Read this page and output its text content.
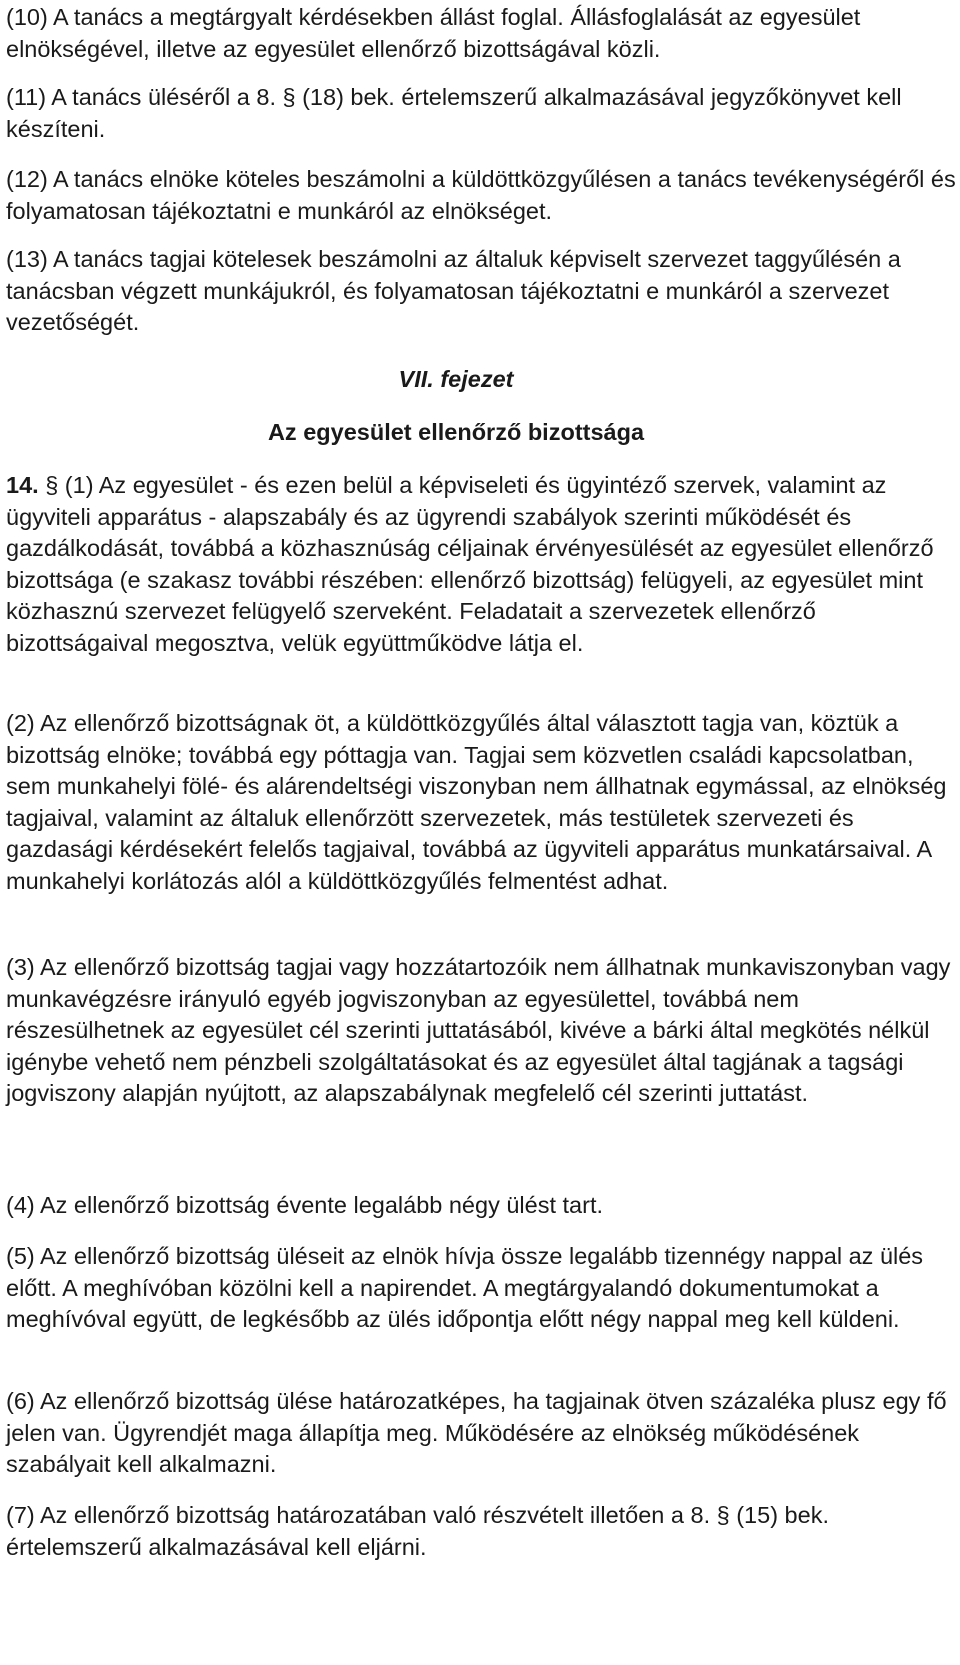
(10) A tanács a megtárgyalt kérdésekben állást foglal. Állásfoglalását az egyesület elnökségével, illetve az egyesület ellenőrző bizottságával közli.

(11) A tanács üléséről a 8. § (18) bek. értelemszerű alkalmazásával jegyzőkönyvet kell készíteni.

(12) A tanács elnöke köteles beszámolni a küldöttközgyűlésen a tanács tevékenységéről és folyamatosan tájékoztatni e munkáról az elnökséget.

(13) A tanács tagjai kötelesek beszámolni az általuk képviselt szervezet taggyűlésén a tanácsban végzett munkájukról, és folyamatosan tájékoztatni e munkáról a szervezet vezetőségét.

VII. fejezet

Az egyesület ellenőrző bizottsága

14. § (1) Az egyesület - és ezen belül a képviseleti és ügyintéző szervek, valamint az ügyviteli apparátus - alapszabály és az ügyrendi szabályok szerinti működését és gazdálkodását, továbbá a közhasznúság céljainak érvényesülését az egyesület ellenőrző bizottsága (e szakasz további részében: ellenőrző bizottság) felügyeli, az egyesület mint közhasznú szervezet felügyelő szerveként. Feladatait a szervezetek ellenőrző bizottságaival megosztva, velük együttműködve látja el.

(2) Az ellenőrző bizottságnak öt, a küldöttközgyűlés által választott tagja van, köztük a bizottság elnöke; továbbá egy póttagja van. Tagjai sem közvetlen családi kapcsolatban, sem munkahelyi fölé- és alárendeltségi viszonyban nem állhatnak egymással, az elnökség tagjaival, valamint az általuk ellenőrzött szervezetek, más testületek szervezeti és gazdasági kérdésekért felelős tagjaival, továbbá az ügyviteli apparátus munkatársaival. A munkahelyi korlátozás alól a küldöttközgyűlés felmentést adhat.

(3) Az ellenőrző bizottság tagjai vagy hozzátartozóik nem állhatnak munkaviszonyban vagy munkavégzésre irányuló egyéb jogviszonyban az egyesülettel, továbbá nem részesülhetnek az egyesület cél szerinti juttatásából, kivéve a bárki által megkötés nélkül igénybe vehető nem pénzbeli szolgáltatásokat és az egyesület által tagjának a tagsági jogviszony alapján nyújtott, az alapszabálynak megfelelő cél szerinti juttatást.

(4) Az ellenőrző bizottság évente legalább négy ülést tart.

(5) Az ellenőrző bizottság üléseit az elnök hívja össze legalább tizennégy nappal az ülés előtt. A meghívóban közölni kell a napirendet. A megtárgyalandó dokumentumokat a meghívóval együtt, de legkésőbb az ülés időpontja előtt négy nappal meg kell küldeni.

(6) Az ellenőrző bizottság ülése határozatképes, ha tagjainak ötven százaléka plusz egy fő jelen van. Ügyrendjét maga állapítja meg. Működésére az elnökség működésének szabályait kell alkalmazni.

(7) Az ellenőrző bizottság határozatában való részvételt illetően a 8. § (15) bek. értelemszerű alkalmazásával kell eljárni.
